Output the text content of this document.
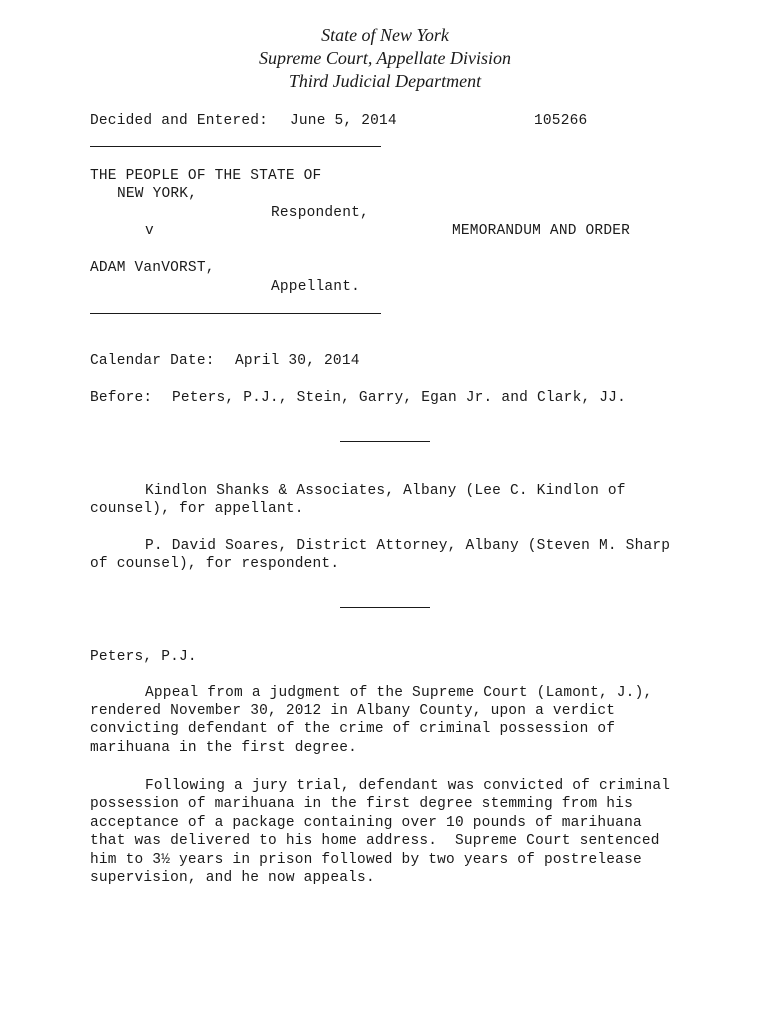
State of New York
Supreme Court, Appellate Division
Third Judicial Department
Decided and Entered: June 5, 2014	105266
THE PEOPLE OF THE STATE OF
NEW YORK,
Respondent,
v	MEMORANDUM AND ORDER
ADAM VanVORST,
Appellant.
Calendar Date: April 30, 2014
Before: Peters, P.J., Stein, Garry, Egan Jr. and Clark, JJ.
Kindlon Shanks & Associates, Albany (Lee C. Kindlon of
counsel), for appellant.
P. David Soares, District Attorney, Albany (Steven M. Sharp
of counsel), for respondent.
Peters, P.J.
Appeal from a judgment of the Supreme Court (Lamont, J.),
rendered November 30, 2012 in Albany County, upon a verdict
convicting defendant of the crime of criminal possession of
marihuana in the first degree.
Following a jury trial, defendant was convicted of criminal
possession of marihuana in the first degree stemming from his
acceptance of a package containing over 10 pounds of marihuana
that was delivered to his home address.  Supreme Court sentenced
him to 3½ years in prison followed by two years of postrelease
supervision, and he now appeals.
